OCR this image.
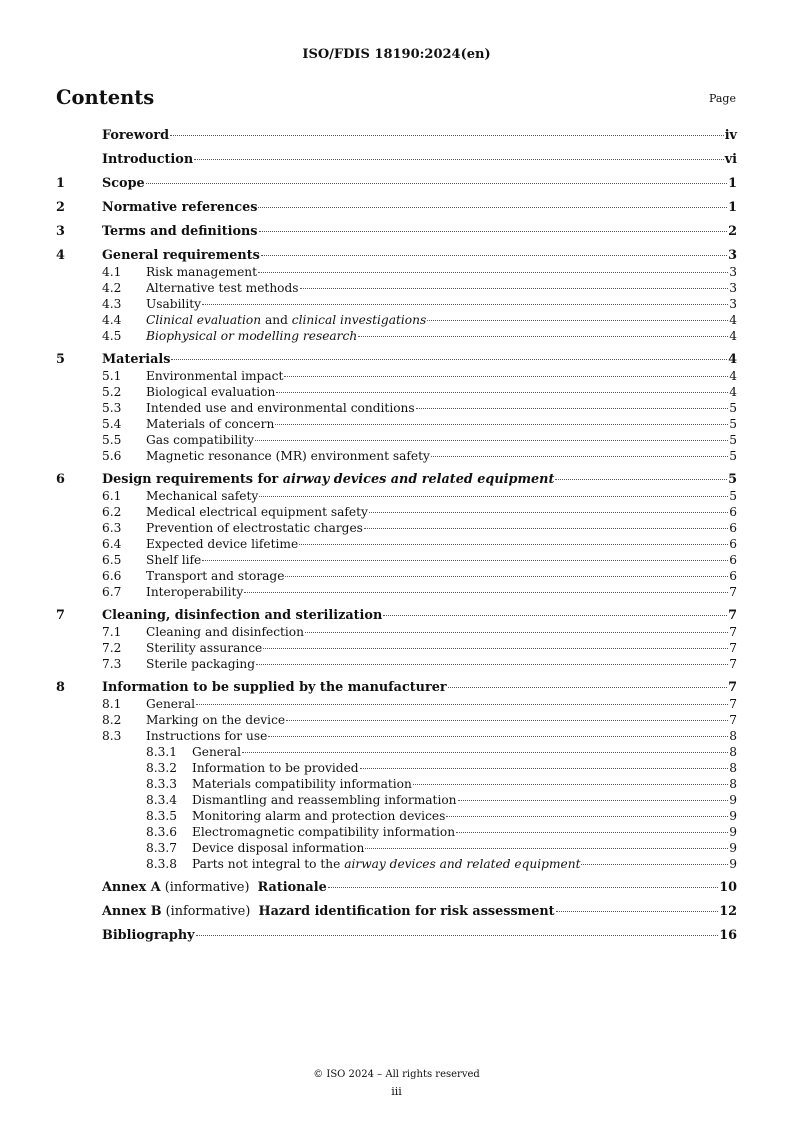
ISO/FDIS 18190:2024(en)
Contents	Page
Foreword	iv
Introduction	vi
1	Scope	1
2	Normative references	1
3	Terms and definitions	2
4	General requirements	3
4.1	Risk management	3
4.2	Alternative test methods	3
4.3	Usability	3
4.4	Clinical evaluation and clinical investigations	4
4.5	Biophysical or modelling research	4
5	Materials	4
5.1	Environmental impact	4
5.2	Biological evaluation	4
5.3	Intended use and environmental conditions	5
5.4	Materials of concern	5
5.5	Gas compatibility	5
5.6	Magnetic resonance (MR) environment safety	5
6	Design requirements for airway devices and related equipment	5
6.1	Mechanical safety	5
6.2	Medical electrical equipment safety	6
6.3	Prevention of electrostatic charges	6
6.4	Expected device lifetime	6
6.5	Shelf life	6
6.6	Transport and storage	6
6.7	Interoperability	7
7	Cleaning, disinfection and sterilization	7
7.1	Cleaning and disinfection	7
7.2	Sterility assurance	7
7.3	Sterile packaging	7
8	Information to be supplied by the manufacturer	7
8.1	General	7
8.2	Marking on the device	7
8.3	Instructions for use	8
8.3.1	General	8
8.3.2	Information to be provided	8
8.3.3	Materials compatibility information	8
8.3.4	Dismantling and reassembling information	9
8.3.5	Monitoring alarm and protection devices	9
8.3.6	Electromagnetic compatibility information	9
8.3.7	Device disposal information	9
8.3.8	Parts not integral to the airway devices and related equipment	9
Annex A (informative)  Rationale	10
Annex B (informative)  Hazard identification for risk assessment	12
Bibliography	16
© ISO 2024 – All rights reserved
iii
